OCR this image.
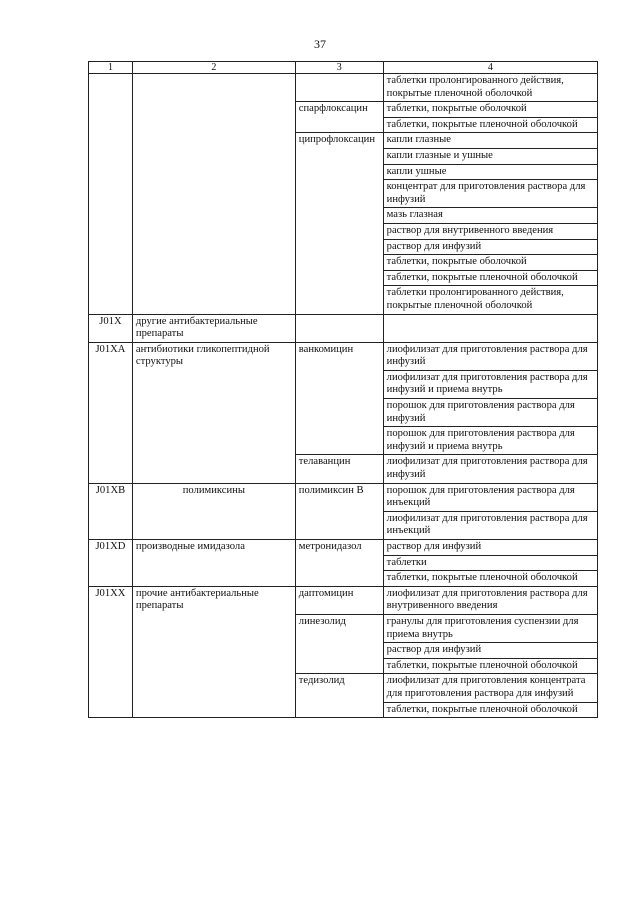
37
1	2	3	4
			таблетки пролонгированного действия, покрытые пленочной оболочкой
		спарфлоксацин	таблетки, покрытые оболочкой
			таблетки, покрытые пленочной оболочкой
		ципрофлоксацин	капли глазные
			капли глазные и ушные
			капли ушные
			концентрат для приготовления раствора для инфузий
			мазь глазная
			раствор для внутривенного введения
			раствор для инфузий
			таблетки, покрытые оболочкой
			таблетки, покрытые пленочной оболочкой
			таблетки пролонгированного действия, покрытые пленочной оболочкой
J01X	другие антибактериальные препараты		
J01XA	антибиотики гликопептидной структуры	ванкомицин	лиофилизат для приготовления раствора для инфузий
			лиофилизат для приготовления раствора для инфузий и приема внутрь
			порошок для приготовления раствора для инфузий
			порошок для приготовления раствора для инфузий и приема внутрь
		телаванцин	лиофилизат для приготовления раствора для инфузий
J01XB	полимиксины	полимиксин B	порошок для приготовления раствора для инъекций
			лиофилизат для приготовления раствора для инъекций
J01XD	производные имидазола	метронидазол	раствор для инфузий
			таблетки
			таблетки, покрытые пленочной оболочкой
J01XX	прочие антибактериальные препараты	даптомицин	лиофилизат для приготовления раствора для внутривенного введения
		линезолид	гранулы для приготовления суспензии для приема внутрь
			раствор для инфузий
			таблетки, покрытые пленочной оболочкой
		тедизолид	лиофилизат для приготовления концентрата для приготовления раствора для инфузий
			таблетки, покрытые пленочной оболочкой
